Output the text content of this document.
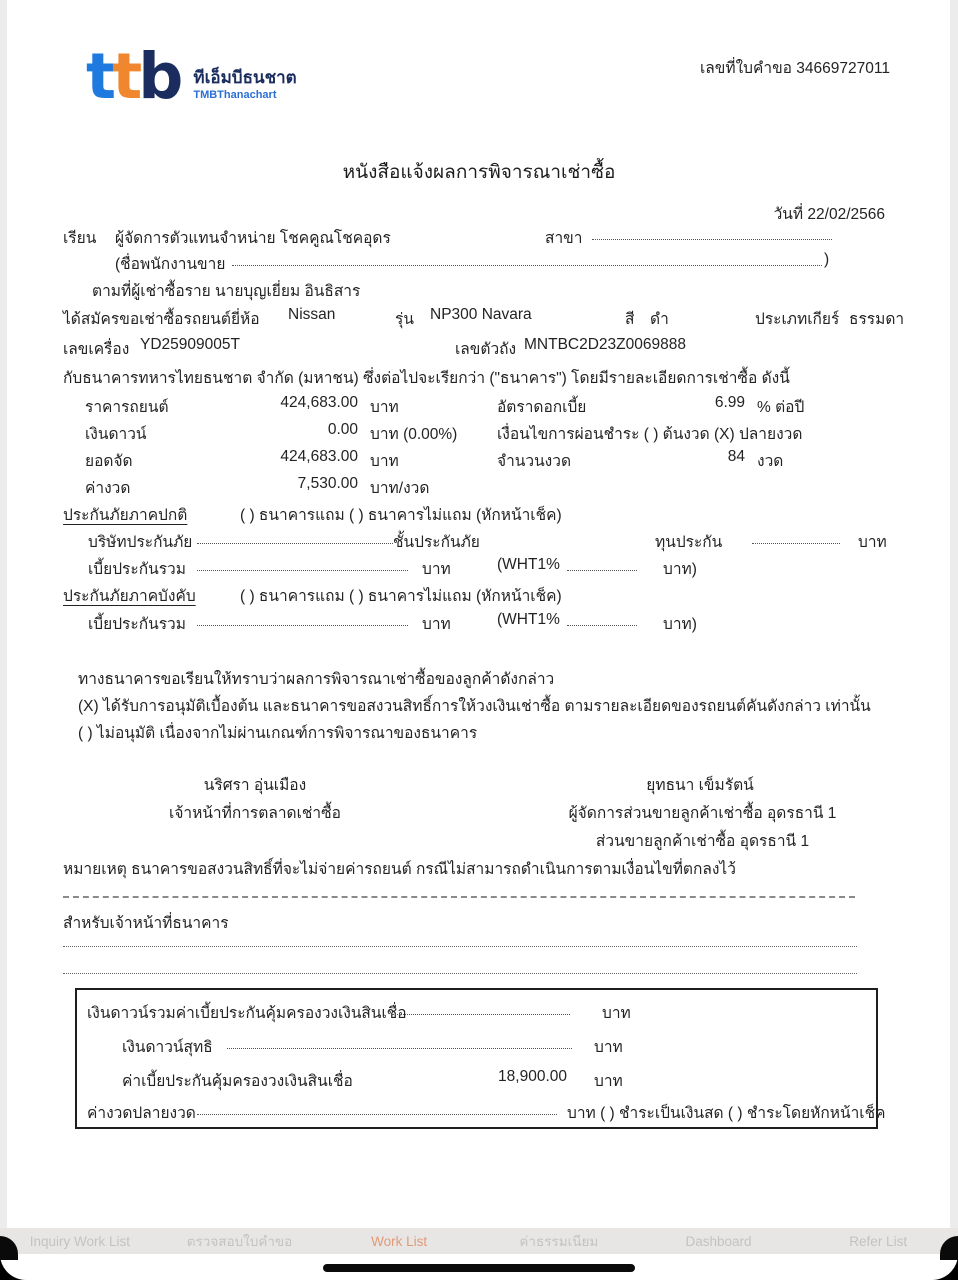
ttb ทีเอ็มบีธนชาต
TMBThanachart
เลขที่ใบคำขอ 34669727011
หนังสือแจ้งผลการพิจารณาเช่าซื้อ
วันที่ 22/02/2566
เรียน ผู้จัดการตัวแทนจำหน่าย โชคคูณโชคอุดร	สาขา
(ชื่อพนักงานขาย	)
ตามที่ผู้เช่าซื้อราย นายบุญเยี่ยม อินธิสาร
ได้สมัครขอเช่าซื้อรถยนต์ยี่ห้อ Nissan	รุ่น NP300 Navara	สี ดำ	ประเภทเกียร์ ธรรมดา
เลขเครื่อง YD25909005T	เลขตัวถัง MNTBC2D23Z0069888
กับธนาคารทหารไทยธนชาต จำกัด (มหาชน) ซึ่งต่อไปจะเรียกว่า ("ธนาคาร") โดยมีรายละเอียดการเช่าซื้อ ดังนี้
ราคารถยนต์	424,683.00 บาท	อัตราดอกเบี้ย	6.99 % ต่อปี
เงินดาวน์	0.00 บาท (0.00%)	เงื่อนไขการผ่อนชำระ ( ) ต้นงวด (X) ปลายงวด
ยอดจัด	424,683.00 บาท	จำนวนงวด	84 งวด
ค่างวด	7,530.00 บาท/งวด
ประกันภัยภาคปกติ	( ) ธนาคารแถม ( ) ธนาคารไม่แถม (หักหน้าเช็ค)
บริษัทประกันภัย	ชั้นประกันภัย	ทุนประกัน	บาท
เบี้ยประกันรวม	บาท	(WHT1%	บาท)
ประกันภัยภาคบังคับ	( ) ธนาคารแถม ( ) ธนาคารไม่แถม (หักหน้าเช็ค)
เบี้ยประกันรวม	บาท	(WHT1%	บาท)
ทางธนาคารขอเรียนให้ทราบว่าผลการพิจารณาเช่าซื้อของลูกค้าดังกล่าว
(X) ได้รับการอนุมัติเบื้องต้น และธนาคารขอสงวนสิทธิ์การให้วงเงินเช่าซื้อ ตามรายละเอียดของรถยนต์คันดังกล่าว เท่านั้น
( ) ไม่อนุมัติ เนื่องจากไม่ผ่านเกณฑ์การพิจารณาของธนาคาร
นริศรา อุ่นเมือง	ยุทธนา เข็มรัตน์
เจ้าหน้าที่การตลาดเช่าซื้อ	ผู้จัดการส่วนขายลูกค้าเช่าซื้อ อุดรธานี 1
ส่วนขายลูกค้าเช่าซื้อ อุดรธานี 1
หมายเหตุ ธนาคารขอสงวนสิทธิ์ที่จะไม่จ่ายค่ารถยนต์ กรณีไม่สามารถดำเนินการตามเงื่อนไขที่ตกลงไว้
สำหรับเจ้าหน้าที่ธนาคาร
เงินดาวน์รวมค่าเบี้ยประกันคุ้มครองวงเงินสินเชื่อ	บาท
เงินดาวน์สุทธิ	บาท
ค่าเบี้ยประกันคุ้มครองวงเงินสินเชื่อ	18,900.00 บาท
ค่างวดปลายงวด	บาท ( ) ชำระเป็นเงินสด ( ) ชำระโดยหักหน้าเช็ค
Inquiry Work List	ตรวจสอบใบคำขอ	Work List	ค่าธรรมเนียม	Dashboard	Refer List
